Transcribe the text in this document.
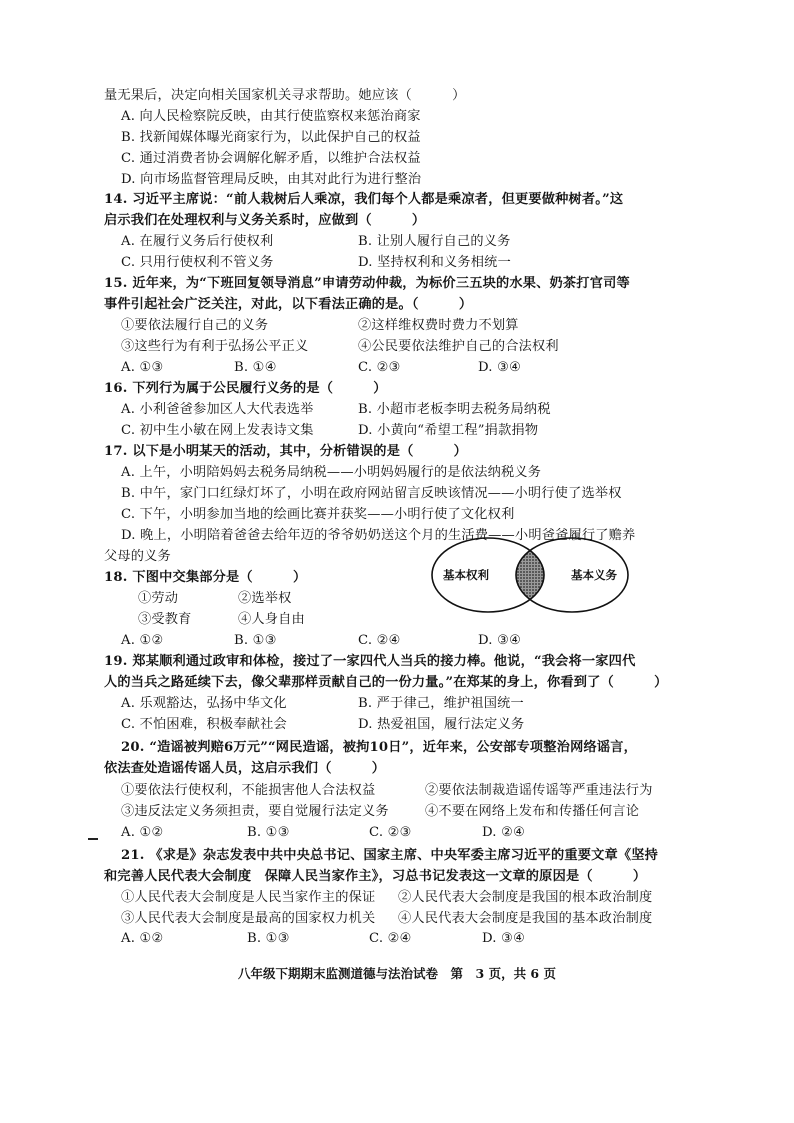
量无果后，决定向相关国家机关寻求帮助。她应该（　　　）
A. 向人民检察院反映，由其行使监察权来惩治商家
B. 找新闻媒体曝光商家行为，以此保护自己的权益
C. 通过消费者协会调解化解矛盾，以维护合法权益
D. 向市场监督管理局反映，由其对此行为进行整治
14. 习近平主席说：“前人栽树后人乘凉，我们每个人都是乘凉者，但更要做种树者。”这
启示我们在处理权利与义务关系时，应做到（　　　）
A. 在履行义务后行使权利	B. 让别人履行自己的义务
C. 只用行使权利不管义务	D. 坚持权利和义务相统一
15. 近年来，为“下班回复领导消息”申请劳动仲裁，为标价三五块的水果、奶茶打官司等
事件引起社会广泛关注，对此，以下看法正确的是。（　　　）
①要依法履行自己的义务	②这样维权费时费力不划算
③这些行为有利于弘扬公平正义	④公民要依法维护自己的合法权利
A. ①③	B. ①④	C. ②③	D. ③④
16. 下列行为属于公民履行义务的是（　　　）
A. 小利爸爸参加区人大代表选举	B. 小超市老板李明去税务局纳税
C. 初中生小敏在网上发表诗文集	D. 小黄向“希望工程”捐款捐物
17. 以下是小明某天的活动，其中，分析错误的是（　　　）
A. 上午，小明陪妈妈去税务局纳税——小明妈妈履行的是依法纳税义务
B. 中午，家门口红绿灯坏了，小明在政府网站留言反映该情况——小明行使了选举权
C. 下午，小明参加当地的绘画比赛并获奖——小明行使了文化权利
D. 晚上，小明陪着爸爸去给年迈的爷爷奶奶送这个月的生活费——小明爸爸履行了赡养
父母的义务
18. 下图中交集部分是（　　　）
①劳动	②选举权
③受教育	④人身自由
A. ①②	B. ①③	C. ②④	D. ③④
基本权利	基本义务
19. 郑某顺利通过政审和体检，接过了一家四代人当兵的接力棒。他说，“我会将一家四代
人的当兵之路延续下去，像父辈那样贡献自己的一份力量。”在郑某的身上，你看到了（　　　）
A. 乐观豁达，弘扬中华文化	B. 严于律己，维护祖国统一
C. 不怕困难，积极奉献社会	D. 热爱祖国，履行法定义务
20. “造谣被判赔6万元”“网民造谣，被拘10日”，近年来，公安部专项整治网络谣言，
依法查处造谣传谣人员，这启示我们（　　　）
①要依法行使权利，不能损害他人合法权益	②要依法制裁造谣传谣等严重违法行为
③违反法定义务须担责，要自觉履行法定义务	④不要在网络上发布和传播任何言论
A. ①②	B. ①③	C. ②③	D. ②④
21. 《求是》杂志发表中共中央总书记、国家主席、中央军委主席习近平的重要文章《坚持
和完善人民代表大会制度　保障人民当家作主》，习总书记发表这一文章的原因是（　　　）
①人民代表大会制度是人民当家作主的保证 ②人民代表大会制度是我国的根本政治制度
③人民代表大会制度是最高的国家权力机关 ④人民代表大会制度是我国的基本政治制度
A. ①②	B. ①③	C. ②④	D. ③④
八年级下期期末监测道德与法治试卷　第　3 页，共 6 页
